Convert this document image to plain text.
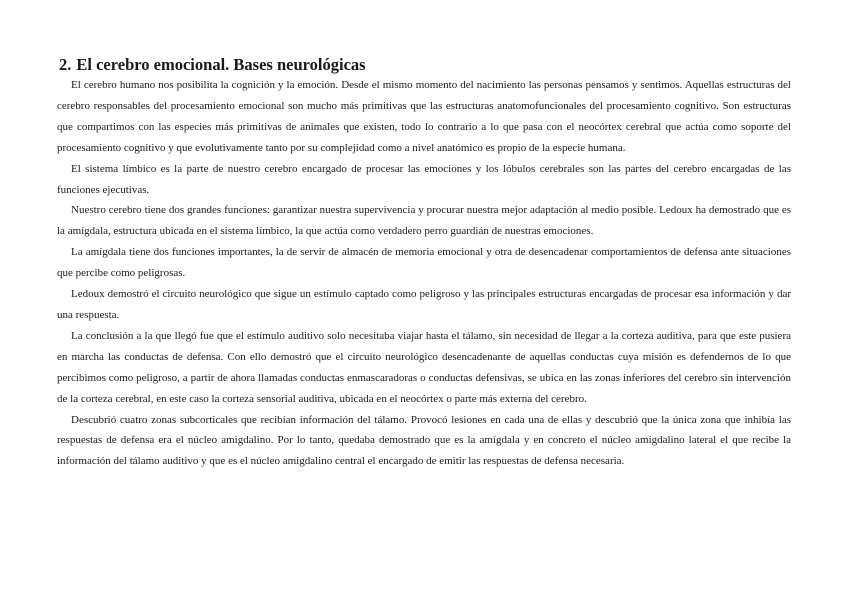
2. El cerebro emocional. Bases neurológicas

El cerebro humano nos posibilita la cognición y la emoción. Desde el mismo momento del nacimiento las personas pensamos y sentimos. Aquellas estructuras del cerebro responsables del procesamiento emocional son mucho más primitivas que las estructuras anatomofuncionales del procesamiento cognitivo. Son estructuras que compartimos con las especies más primitivas de animales que existen, todo lo contrario a lo que pasa con el neocórtex cerebral que actúa como soporte del procesamiento cognitivo y que evolutivamente tanto por su complejidad como a nivel anatómico es propio de la especie humana.

El sistema límbico es la parte de nuestro cerebro encargado de procesar las emociones y los lóbulos cerebrales son las partes del cerebro encargadas de las funciones ejecutivas.

Nuestro cerebro tiene dos grandes funciones: garantizar nuestra supervivencia y procurar nuestra mejor adaptación al medio posible. Ledoux ha demostrado que es la amígdala, estructura ubicada en el sistema límbico, la que actúa como verdadero perro guardián de nuestras emociones.

La amígdala tiene dos funciones importantes, la de servir de almacén de memoria emocional y otra de desencadenar comportamientos de defensa ante situaciones que percibe como peligrosas.

Ledoux demostró el circuito neurológico que sigue un estímulo captado como peligroso y las principales estructuras encargadas de procesar esa información y dar una respuesta.

La conclusión a la que llegó fue que el estímulo auditivo solo necesitaba viajar hasta el tálamo, sin necesidad de llegar a la corteza auditiva, para que este pusiera en marcha las conductas de defensa. Con ello demostró que el circuito neurológico desencadenante de aquellas conductas cuya misión es defendernos de lo que percibimos como peligroso, a partir de ahora llamadas conductas enmascaradoras o conductas defensivas, se ubica en las zonas inferiores del cerebro sin intervención de la corteza cerebral, en este caso la corteza sensorial auditiva, ubicada en el neocórtex o parte más externa del cerebro.

Descubrió cuatro zonas subcorticales que recibían información del tálamo. Provocó lesiones en cada una de ellas y descubrió que la única zona que inhibía las respuestas de defensa era el núcleo amigdalino. Por lo tanto, quedaba demostrado que es la amígdala y en concreto el núcleo amigdalino lateral el que recibe la información del tálamo auditivo y que es el núcleo amigdalino central el encargado de emitir las respuestas de defensa necesaria.
